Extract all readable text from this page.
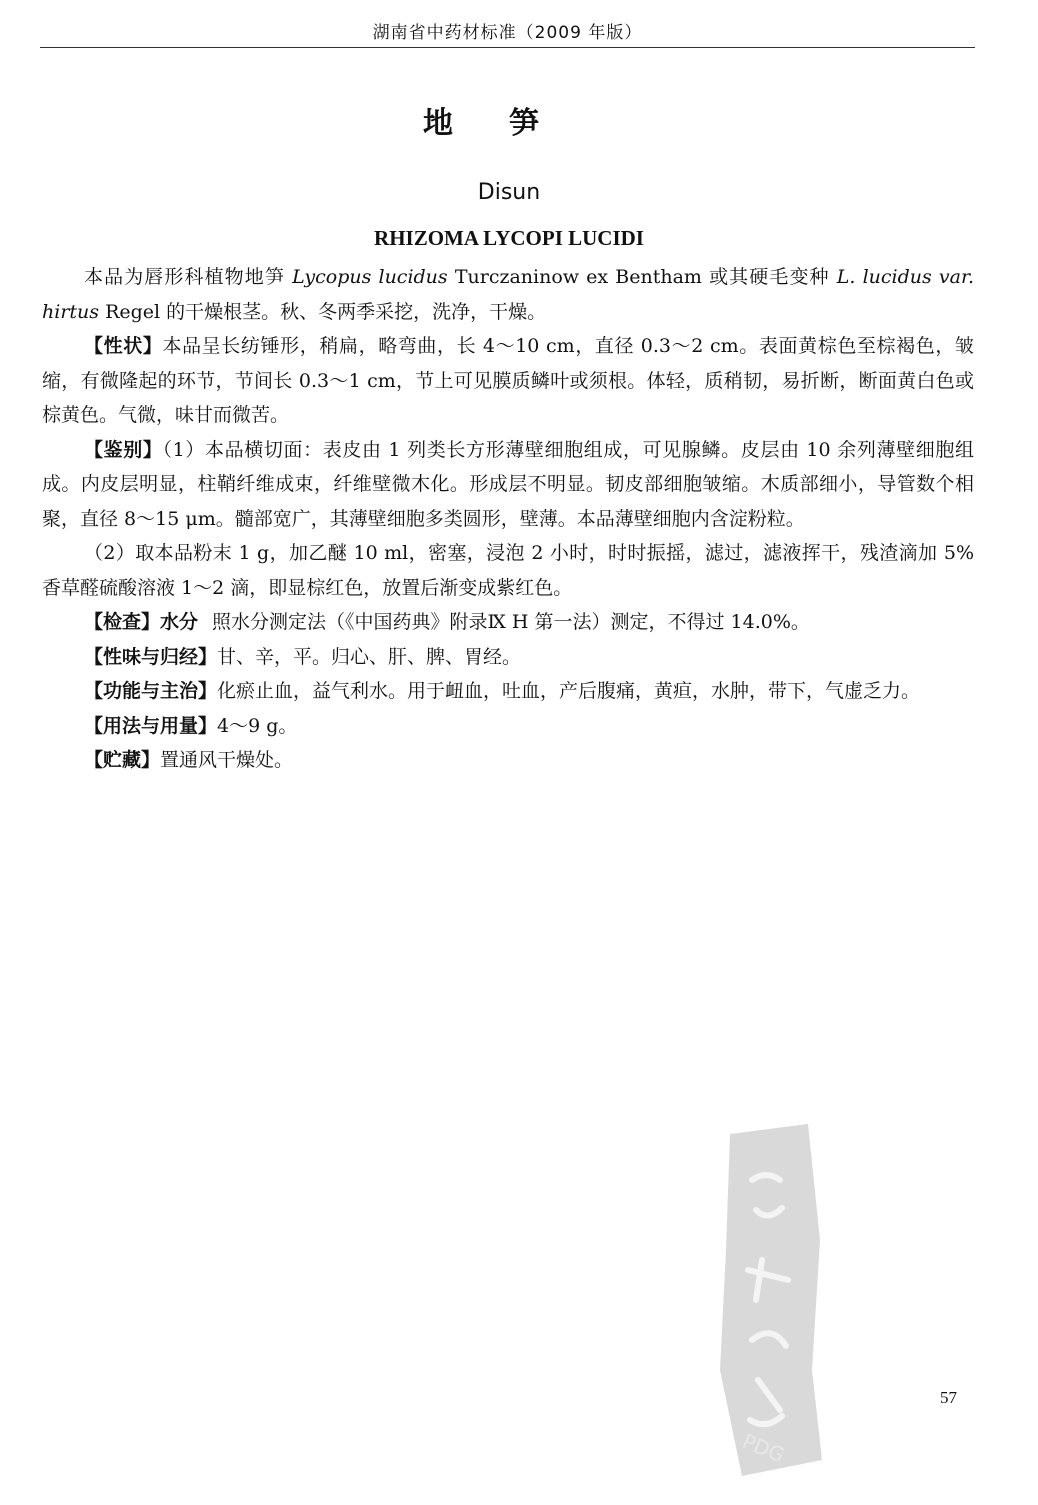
湖南省中药材标准（2009 年版）
地笋
Disun
RHIZOMA LYCOPI LUCIDI

本品为唇形科植物地笋 Lycopus lucidus Turczaninow ex Bentham 或其硬毛变种 L. lucidus var. hirtus Regel 的干燥根茎。秋、冬两季采挖，洗净，干燥。

【性状】本品呈长纺锤形，稍扁，略弯曲，长 4～10 cm，直径 0.3～2 cm。表面黄棕色至棕褐色，皱缩，有微隆起的环节，节间长 0.3～1 cm，节上可见膜质鳞叶或须根。体轻，质稍韧，易折断，断面黄白色或棕黄色。气微，味甘而微苦。

【鉴别】（1）本品横切面：表皮由 1 列类长方形薄壁细胞组成，可见腺鳞。皮层由 10 余列薄壁细胞组成。内皮层明显，柱鞘纤维成束，纤维壁微木化。形成层不明显。韧皮部细胞皱缩。木质部细小，导管数个相聚，直径 8～15 μm。髓部宽广，其薄壁细胞多类圆形，壁薄。本品薄壁细胞内含淀粉粒。

（2）取本品粉末 1 g，加乙醚 10 ml，密塞，浸泡 2 小时，时时振摇，滤过，滤液挥干，残渣滴加 5%香草醛硫酸溶液 1～2 滴，即显棕红色，放置后渐变成紫红色。

【检查】水分 照水分测定法（《中国药典》附录Ⅸ H 第一法）测定，不得过 14.0%。

【性味与归经】甘、辛，平。归心、肝、脾、胃经。

【功能与主治】化瘀止血，益气利水。用于衄血，吐血，产后腹痛，黄疸，水肿，带下，气虚乏力。

【用法与用量】4～9 g。

【贮藏】置通风干燥处。

PDG
57
